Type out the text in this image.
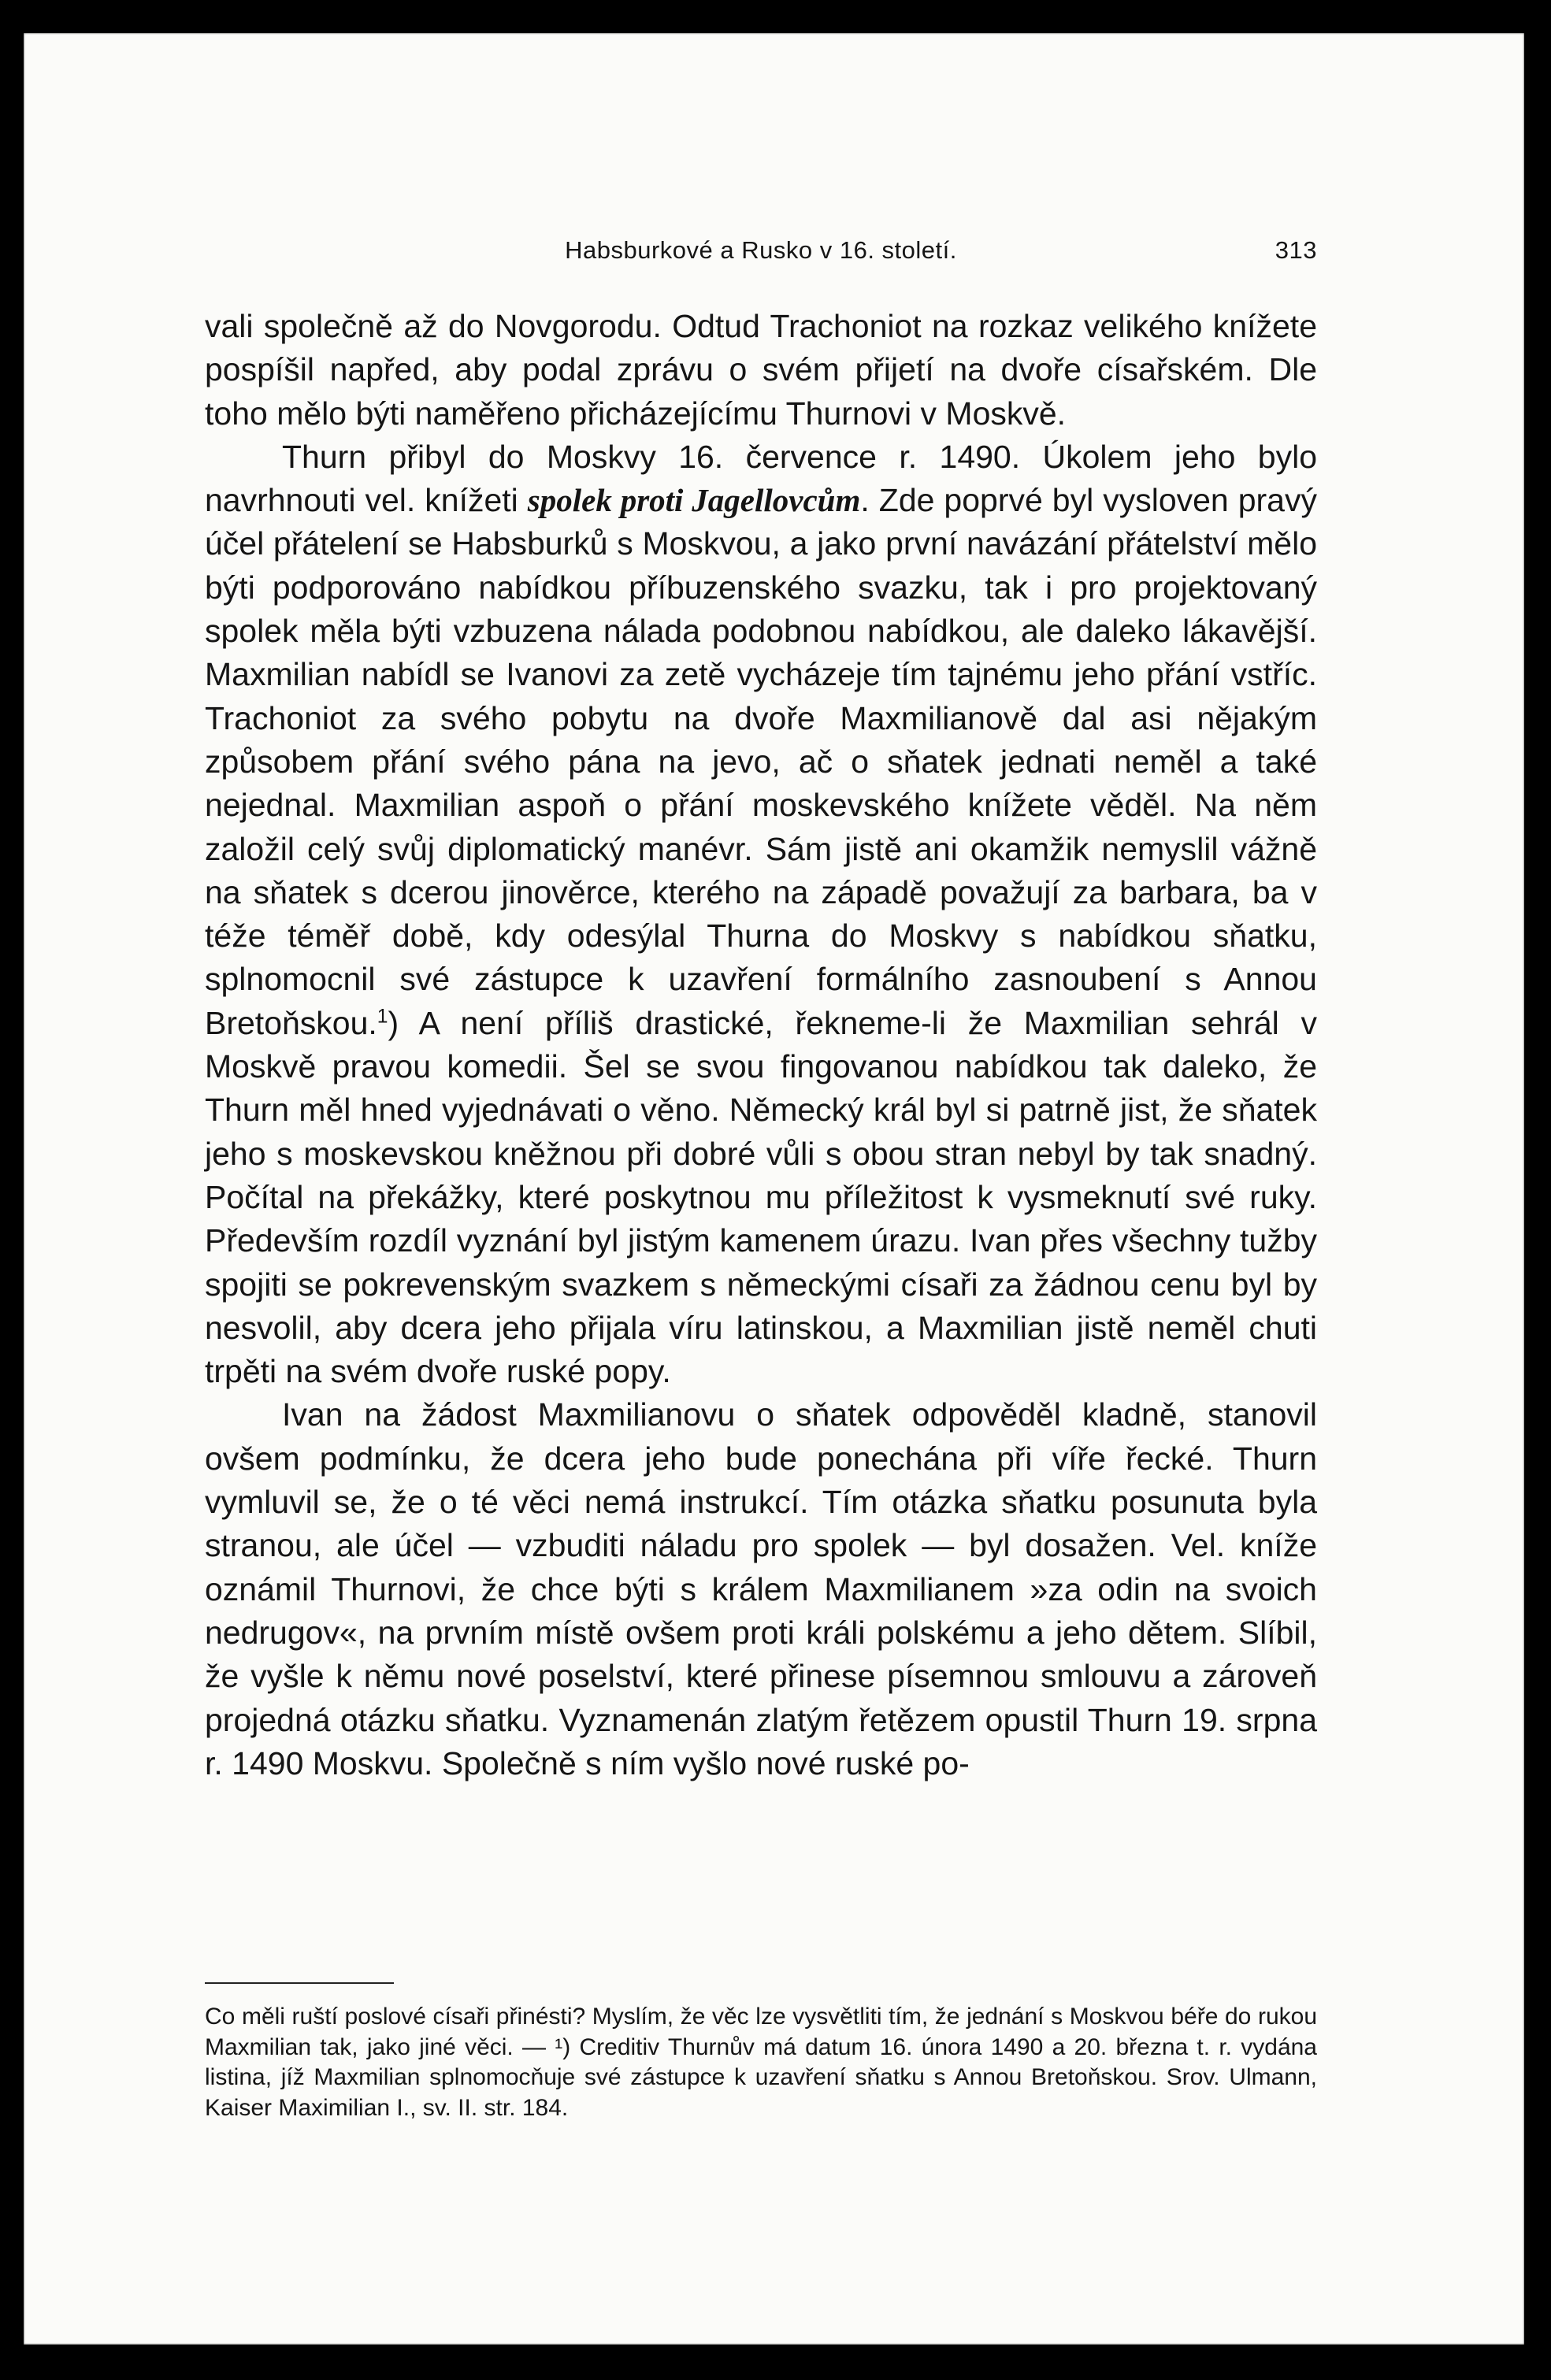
Habsburkové a Rusko v 16. století.	313

vali společně až do Novgorodu. Odtud Trachoniot na rozkaz velikého knížete pospíšil napřed, aby podal zprávu o svém přijetí na dvoře císařském. Dle toho mělo býti naměřeno přicházejícímu Thurnovi v Moskvě.

Thurn přibyl do Moskvy 16. července r. 1490. Úkolem jeho bylo navrhnouti vel. knížeti spolek proti Jagellovcům. Zde poprvé byl vysloven pravý účel přátelení se Habsburků s Moskvou, a jako první navázání přátelství mělo býti podporováno nabídkou příbuzenského svazku, tak i pro projektovaný spolek měla býti vzbuzena nálada podobnou nabídkou, ale daleko lákavější. Maxmilian nabídl se Ivanovi za zetě vycházeje tím tajnému jeho přání vstříc. Trachoniot za svého pobytu na dvoře Maxmilianově dal asi nějakým způsobem přání svého pána na jevo, ač o sňatek jednati neměl a také nejednal. Maxmilian aspoň o přání moskevského knížete věděl. Na něm založil celý svůj diplomatický manévr. Sám jistě ani okamžik nemyslil vážně na sňatek s dcerou jinověrce, kterého na západě považují za barbara, ba v téže téměř době, kdy odesýlal Thurna do Moskvy s nabídkou sňatku, splnomocnil své zástupce k uzavření formálního zasnoubení s Annou Bretoňskou.$^1$) A není příliš drastické, řekneme-li že Maxmilian sehrál v Moskvě pravou komedii. Šel se svou fingovanou nabídkou tak daleko, že Thurn měl hned vyjednávati o věno. Německý král byl si patrně jist, že sňatek jeho s moskevskou kněžnou při dobré vůli s obou stran nebyl by tak snadný. Počítal na překážky, které poskytnou mu příležitost k vysmeknutí své ruky. Především rozdíl vyznání byl jistým kamenem úrazu. Ivan přes všechny tužby spojiti se pokrevenským svazkem s německými císaři za žádnou cenu byl by nesvolil, aby dcera jeho přijala víru latinskou, a Maxmilian jistě neměl chuti trpěti na svém dvoře ruské popy.

Ivan na žádost Maxmilianovu o sňatek odpověděl kladně, stanovil ovšem podmínku, že dcera jeho bude ponechána při víře řecké. Thurn vymluvil se, že o té věci nemá instrukcí. Tím otázka sňatku posunuta byla stranou, ale účel — vzbuditi náladu pro spolek — byl dosažen. Vel. kníže oznámil Thurnovi, že chce býti s králem Maxmilianem »za odin na svoich nedrugov«, na prvním místě ovšem proti králi polskému a jeho dětem. Slíbil, že vyšle k němu nové poselství, které přinese písemnou smlouvu a zároveň projedná otázku sňatku. Vyznamenán zlatým řetězem opustil Thurn 19. srpna r. 1490 Moskvu. Společně s ním vyšlo nové ruské po-

Co měli ruští poslové císaři přinésti? Myslím, že věc lze vysvětliti tím, že jednání s Moskvou béře do rukou Maxmilian tak, jako jiné věci. — ¹) Creditiv Thurnův má datum 16. února 1490 a 20. března t. r. vydána listina, jíž Maxmilian splnomocňuje své zástupce k uzavření sňatku s Annou Bretoňskou. Srov. Ulmann, Kaiser Maximilian I., sv. II. str. 184.
